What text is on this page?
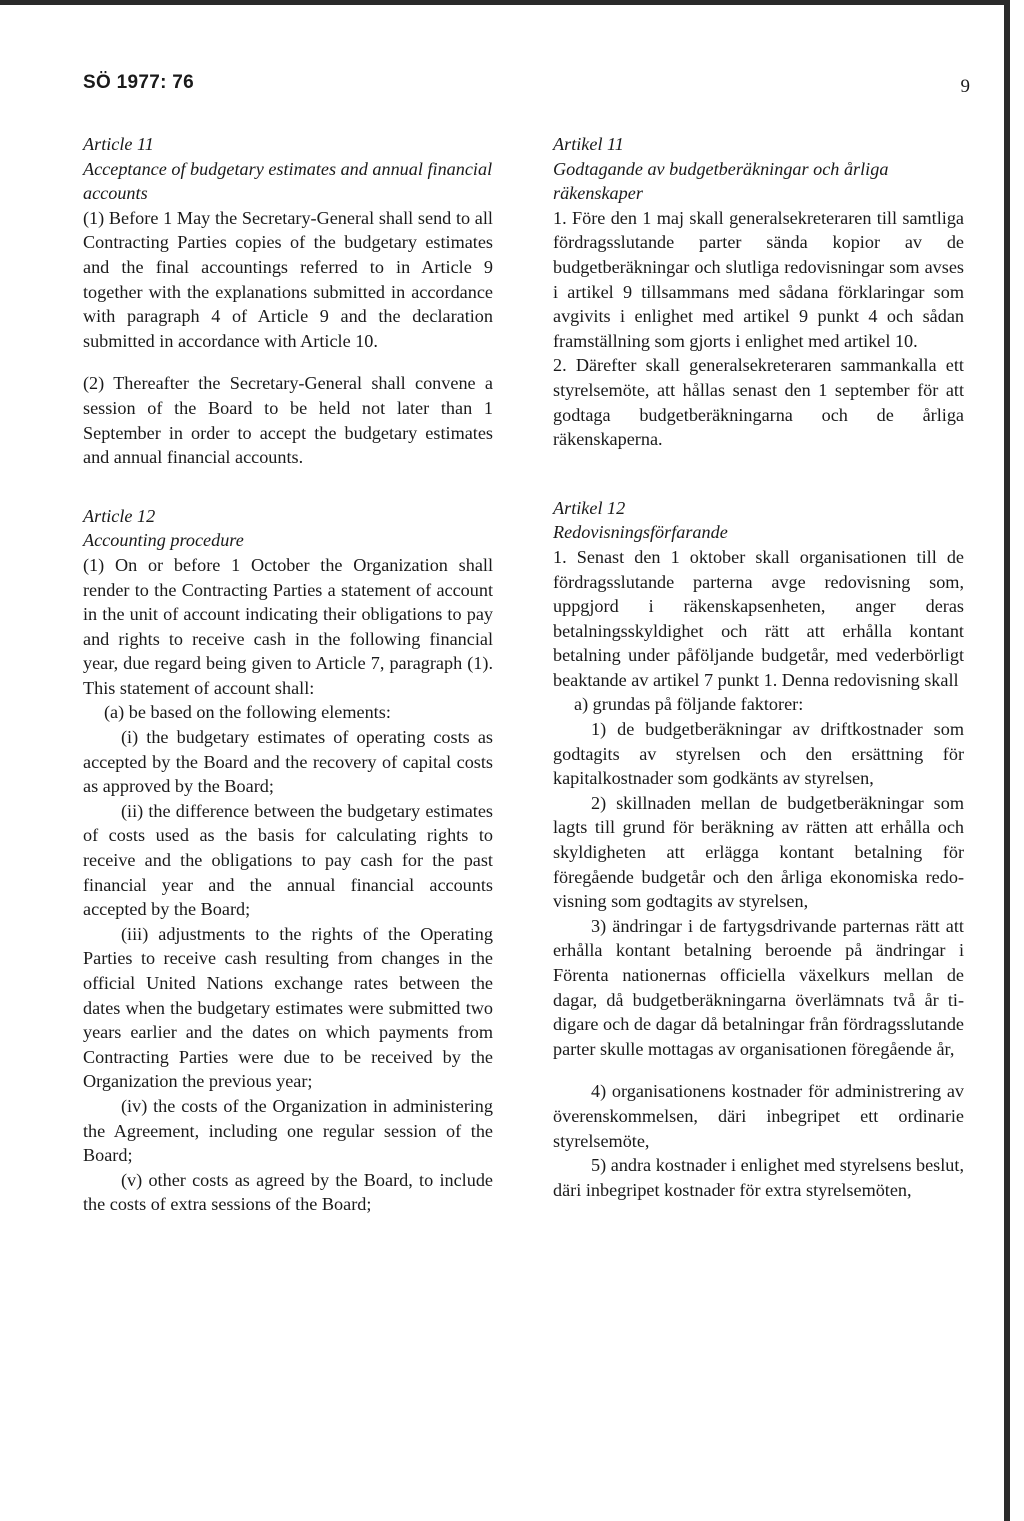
SÖ 1977: 76	9

Article 11

Acceptance of budgetary estimates and annual financial accounts

(1) Before 1 May the Secretary-General shall send to all Contracting Parties copies of the budgetary estimates and the final accountings referred to in Article 9 together with the explanations submitted in accordance with paragraph 4 of Article 9 and the declaration submitted in accordance with Article 10.

(2) Thereafter the Secretary-General shall convene a session of the Board to be held not later than 1 September in order to accept the budgetary estimates and annual financial accounts.

Article 12

Accounting procedure

(1) On or before 1 October the Organization shall render to the Contracting Parties a statement of account in the unit of account indicating their obligations to pay and rights to receive cash in the following financial year, due regard being given to Article 7, paragraph (1). This statement of account shall:

(a) be based on the following elements:

(i) the budgetary estimates of operating costs as accepted by the Board and the recovery of capital costs as approved by the Board;

(ii) the difference between the budgetary estimates of costs used as the basis for calculating rights to receive and the obligations to pay cash for the past financial year and the annual financial accounts accepted by the Board;

(iii) adjustments to the rights of the Operating Parties to receive cash resulting from changes in the official United Nations exchange rates between the dates when the budgetary estimates were submitted two years earlier and the dates on which payments from Contracting Parties were due to be received by the Organization the previous year;

(iv) the costs of the Organization in administering the Agreement, including one regular session of the Board;

(v) other costs as agreed by the Board, to include the costs of extra sessions of the Board;

Artikel 11

Godtagande av budgetberäkningar och årliga räkenskaper

1. Före den 1 maj skall generalsekreteraren till samtliga fördragsslutande parter sända kopior av de budgetberäkningar och slutliga redovisningar som avses i artikel 9 tillsammans med sådana förklaringar som avgivits i enlighet med artikel 9 punkt 4 och sådan framställning som gjorts i enlighet med artikel 10.

2. Därefter skall generalsekreteraren sammankalla ett styrelsemöte, att hållas senast den 1 september för att godtaga budgetberäkningarna och de årliga räkenskaperna.

Artikel 12

Redovisningsförfarande

1. Senast den 1 oktober skall organisationen till de fördragsslutande parterna avge redovisning som, uppgjord i räkenskapsenheten, anger deras betalningsskyldighet och rätt att erhålla kontant betalning under påföljande budgetår, med vederbörligt beaktande av artikel 7 punkt 1. Denna redovisning skall

a) grundas på följande faktorer:

1) de budgetberäkningar av driftkostnader som godtagits av styrelsen och den ersättning för kapitalkostnader som godkänts av styrelsen,

2) skillnaden mellan de budgetberäkningar som lagts till grund för beräkning av rätten att erhålla och skyldigheten att erlägga kontant betalning för föregående budgetår och den årliga ekonomiska redovisning som godtagits av styrelsen,

3) ändringar i de fartygsdrivande parternas rätt att erhålla kontant betalning beroende på ändringar i Förenta nationernas officiella växelkurs mellan de dagar, då budgetberäkningarna överlämnats två år tidigare och de dagar då betalningar från fördragsslutande parter skulle mottagas av organisationen föregående år,

4) organisationens kostnader för administrering av överenskommelsen, däri inbegripet ett ordinarie styrelsemöte,

5) andra kostnader i enlighet med styrelsens beslut, däri inbegripet kostnader för extra styrelsemöten,
